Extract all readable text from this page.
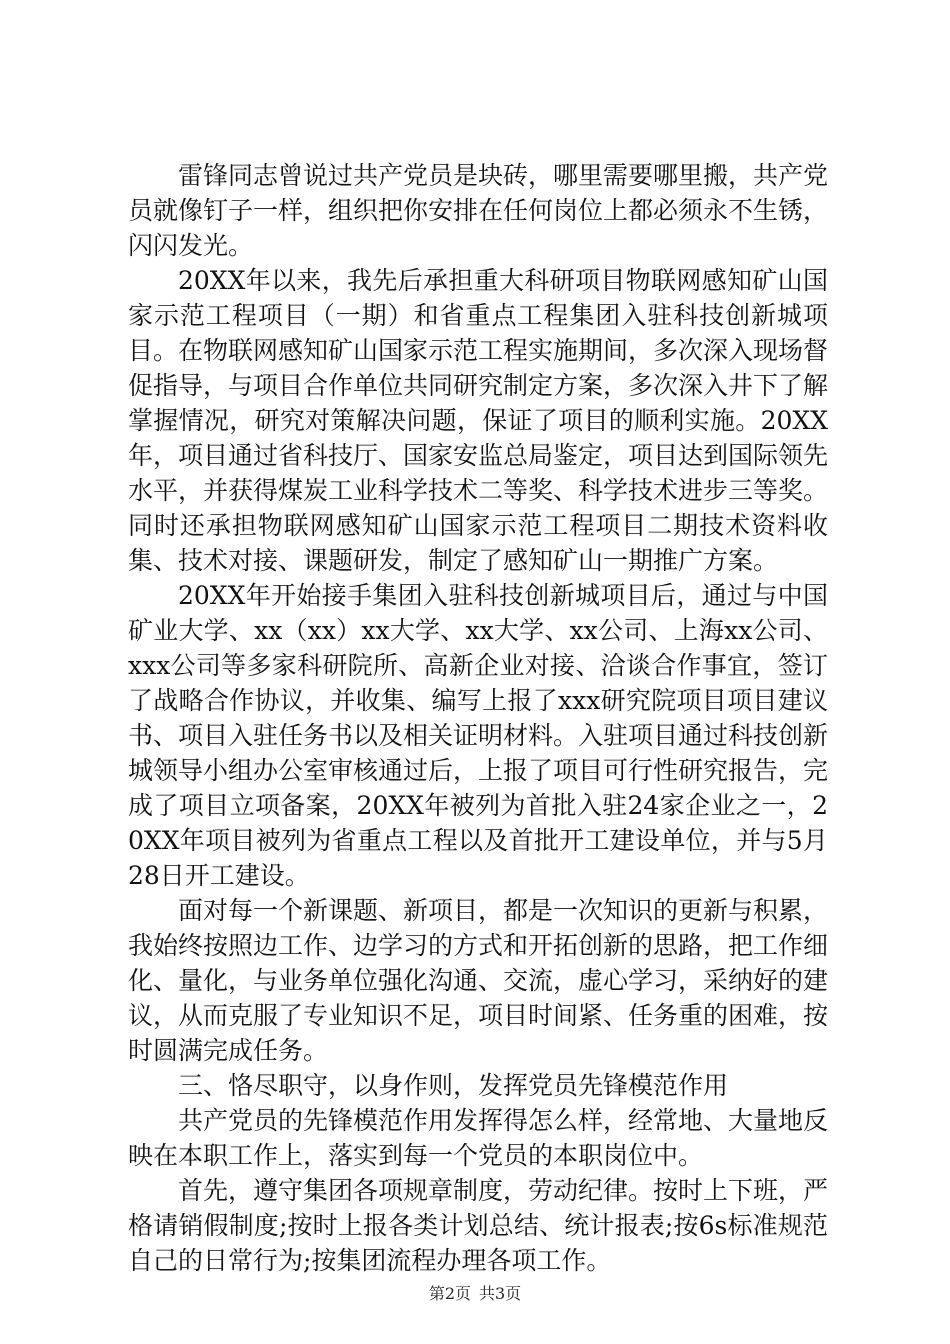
雷锋同志曾说过共产党员是块砖，哪里需要哪里搬，共产党员就像钉子一样，组织把你安排在任何岗位上都必须永不生锈，闪闪发光。

20XX年以来，我先后承担重大科研项目物联网感知矿山国家示范工程项目（一期）和省重点工程集团入驻科技创新城项目。在物联网感知矿山国家示范工程实施期间，多次深入现场督促指导，与项目合作单位共同研究制定方案，多次深入井下了解掌握情况，研究对策解决问题，保证了项目的顺利实施。20XX年，项目通过省科技厅、国家安监总局鉴定，项目达到国际领先水平，并获得煤炭工业科学技术二等奖、科学技术进步三等奖。同时还承担物联网感知矿山国家示范工程项目二期技术资料收集、技术对接、课题研发，制定了感知矿山一期推广方案。

20XX年开始接手集团入驻科技创新城项目后，通过与中国矿业大学、xx（xx）xx大学、xx大学、xx公司、上海xx公司、xxx公司等多家科研院所、高新企业对接、洽谈合作事宜，签订了战略合作协议，并收集、编写上报了xxx研究院项目项目建议书、项目入驻任务书以及相关证明材料。入驻项目通过科技创新城领导小组办公室审核通过后，上报了项目可行性研究报告，完成了项目立项备案，20XX年被列为首批入驻24家企业之一，20XX年项目被列为省重点工程以及首批开工建设单位，并与5月28日开工建设。

面对每一个新课题、新项目，都是一次知识的更新与积累，我始终按照边工作、边学习的方式和开拓创新的思路，把工作细化、量化，与业务单位强化沟通、交流，虚心学习，采纳好的建议，从而克服了专业知识不足，项目时间紧、任务重的困难，按时圆满完成任务。

三、恪尽职守，以身作则，发挥党员先锋模范作用

共产党员的先锋模范作用发挥得怎么样，经常地、大量地反映在本职工作上，落实到每一个党员的本职岗位中。

首先，遵守集团各项规章制度，劳动纪律。按时上下班，严格请销假制度;按时上报各类计划总结、统计报表;按6s标准规范自己的日常行为;按集团流程办理各项工作。

第2页 共3页
